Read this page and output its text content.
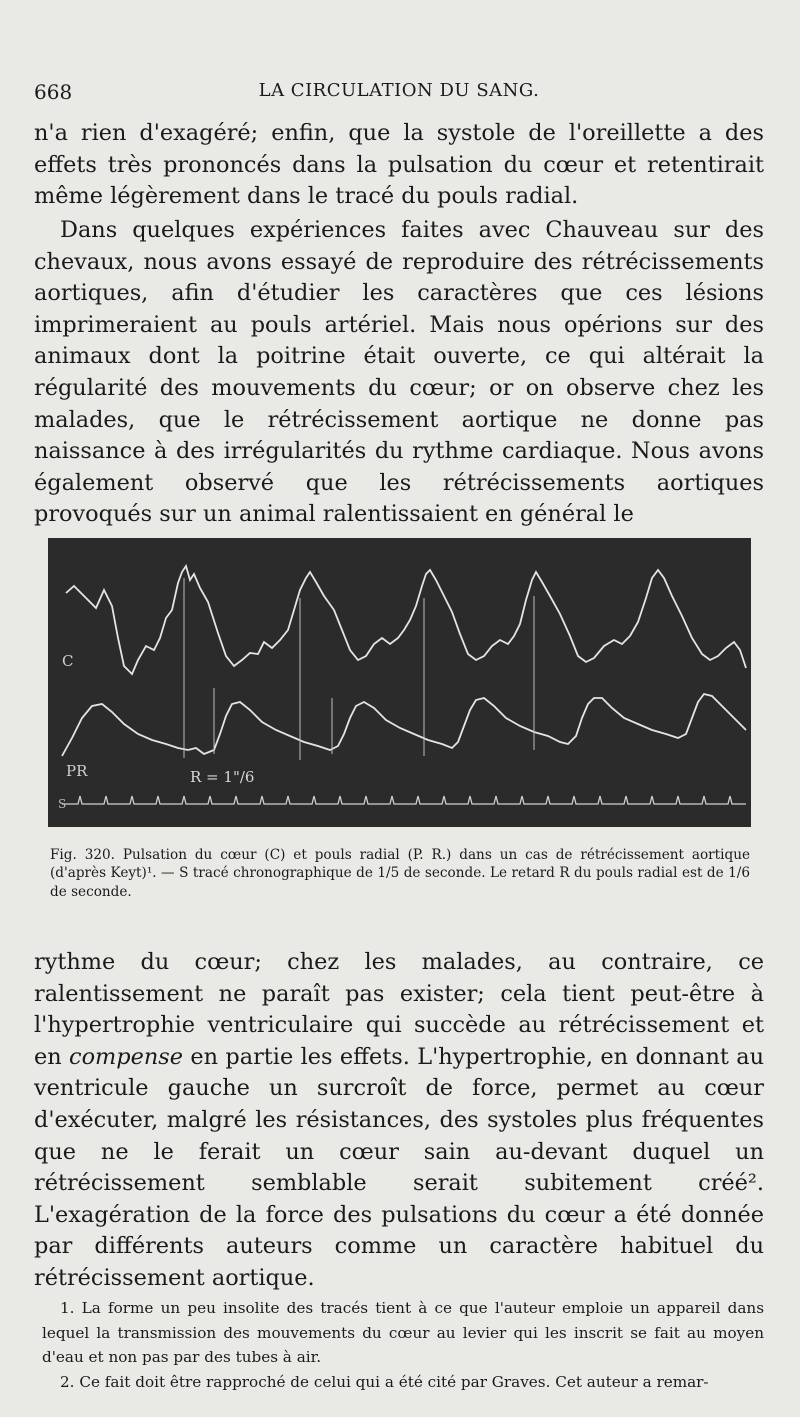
668	LA CIRCULATION DU SANG.

n'a rien d'exagéré; enfin, que la systole de l'oreillette a des effets très prononcés dans la pulsation du cœur et retentirait même légèrement dans le tracé du pouls radial.

Dans quelques expériences faites avec Chauveau sur des chevaux, nous avons essayé de reproduire des rétrécissements aortiques, afin d'étudier les caractères que ces lésions imprimeraient au pouls artériel. Mais nous opérions sur des animaux dont la poitrine était ouverte, ce qui altérait la régularité des mouvements du cœur; or on observe chez les malades, que le rétrécissement aortique ne donne pas naissance à des irrégularités du rythme cardiaque. Nous avons également observé que les rétrécissements aortiques provoqués sur un animal ralentissaient en général le

C
PR	R = 1"/6
S
Fig. 320. Pulsation du cœur (C) et pouls radial (P. R.) dans un cas de rétrécissement aortique (d'après Keyt)¹. — S tracé chronographique de 1/5 de seconde. Le retard R du pouls radial est de 1/6 de seconde.

rythme du cœur; chez les malades, au contraire, ce ralentissement ne paraît pas exister; cela tient peut-être à l'hypertrophie ventriculaire qui succède au rétrécissement et en compense en partie les effets. L'hypertrophie, en donnant au ventricule gauche un surcroît de force, permet au cœur d'exécuter, malgré les résistances, des systoles plus fréquentes que ne le ferait un cœur sain au-devant duquel un rétrécissement semblable serait subitement créé². L'exagération de la force des pulsations du cœur a été donnée par différents auteurs comme un caractère habituel du rétrécissement aortique.

1. La forme un peu insolite des tracés tient à ce que l'auteur emploie un appareil dans lequel la transmission des mouvements du cœur au levier qui les inscrit se fait au moyen d'eau et non pas par des tubes à air.

2. Ce fait doit être rapproché de celui qui a été cité par Graves. Cet auteur a remar-
